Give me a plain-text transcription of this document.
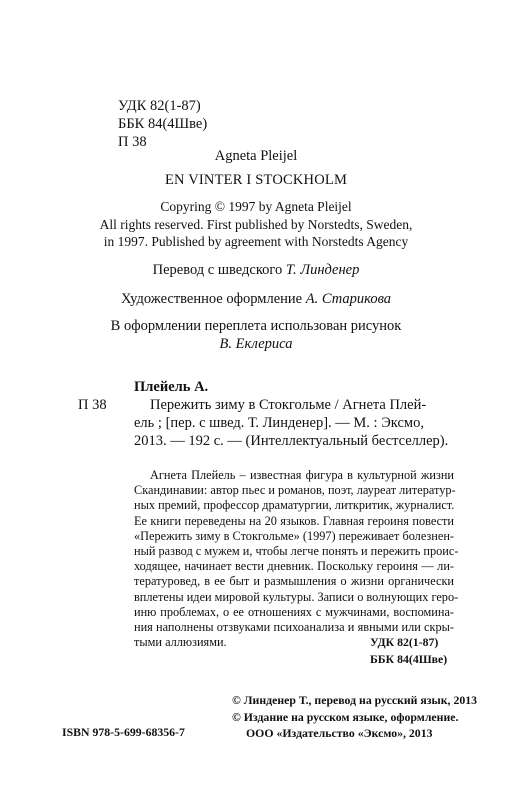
УДК 82(1-87)
ББК 84(4Шве)
П 38
Agneta Pleijel
EN VINTER I STOCKHOLM
Copyring © 1997 by Agneta Pleijel
All rights reserved. First published by Norstedts, Sweden,
in 1997. Published by agreement with Norstedts Agency
Перевод с шведского Т. Линденер
Художественное оформление А. Старикова
В оформлении переплета использован рисунок
В. Еклериса
Плейель А.
П 38	Пережить зиму в Стокгольме / Агнета Плей-
ель ; [пер. с швед. Т. Линденер]. — М. : Эксмо,
2013. — 192 с. — (Интеллектуальный бестселлер).
Агнета Плейель – известная фигура в культурной жизни
Скандинавии: автор пьес и романов, поэт, лауреат литератур-
ных премий, профессор драматургии, литкритик, журналист.
Ее книги переведены на 20 языков. Главная героиня повести
«Пережить зиму в Стокгольме» (1997) переживает болезнен-
ный развод с мужем и, чтобы легче понять и пережить проис-
ходящее, начинает вести дневник. Поскольку героиня — ли-
тературовед, в ее быт и размышления о жизни органически
вплетены идеи мировой культуры. Записи о волнующих геро-
иню проблемах, о ее отношениях с мужчинами, воспомина-
ния наполнены отзвуками психоанализа и явными или скры-
тыми аллюзиями.	УДК 82(1-87)
ББК 84(4Шве)
© Линденер Т., перевод на русский язык, 2013
© Издание на русском языке, оформление.
ООО «Издательство «Эксмо», 2013
ISBN 978-5-699-68356-7
